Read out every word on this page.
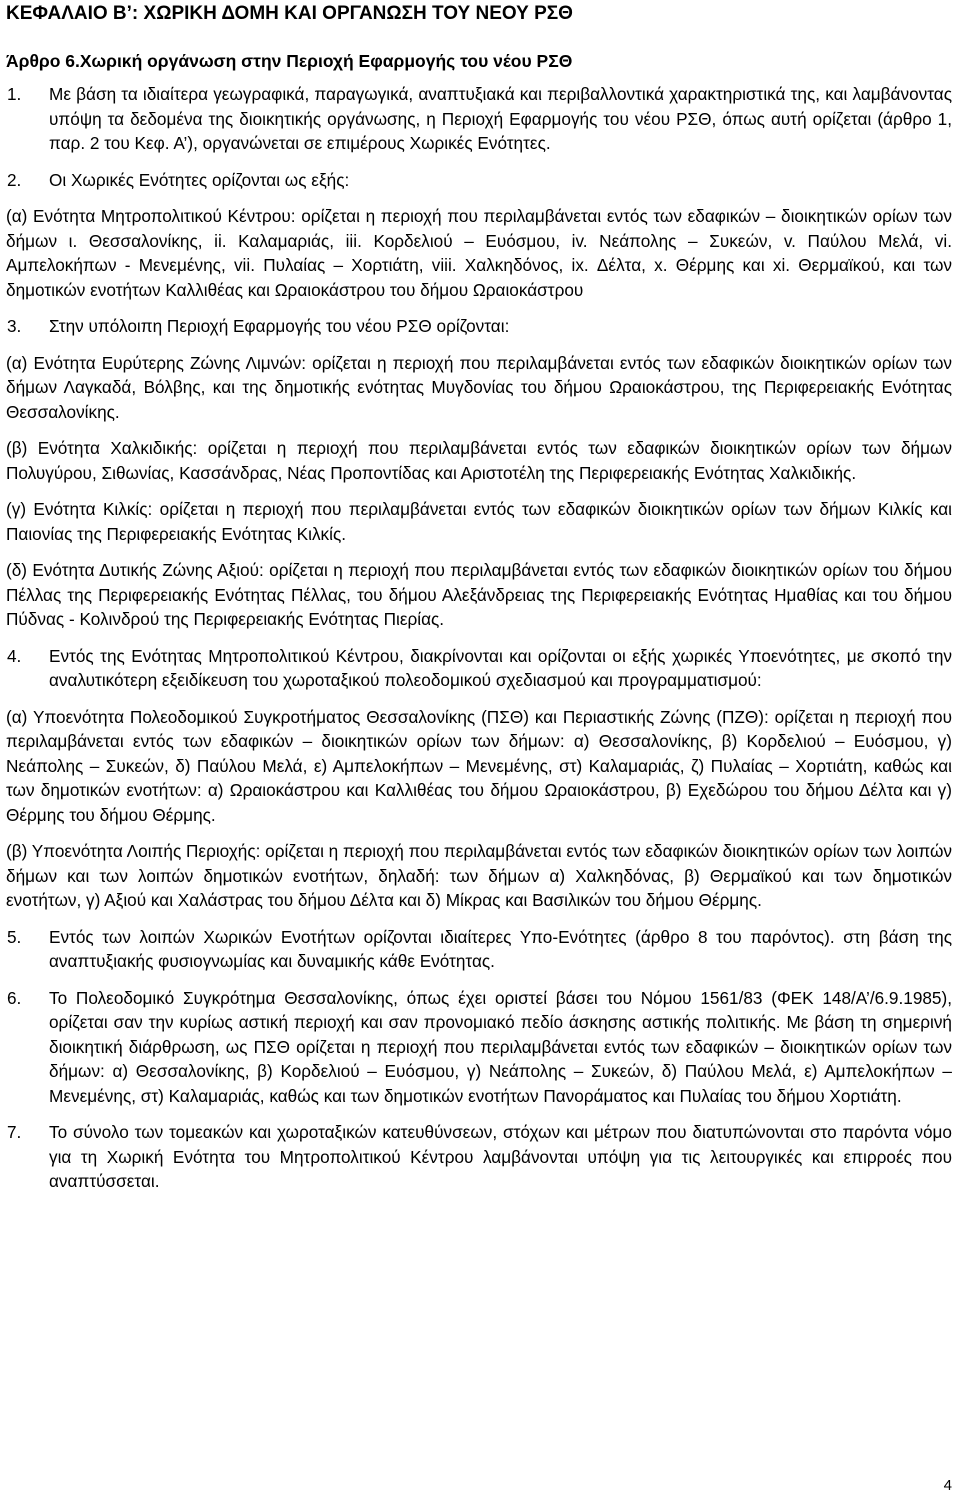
ΚΕΦΑΛΑΙΟ Β’: ΧΩΡΙΚΗ ΔΟΜΗ ΚΑΙ ΟΡΓΑΝΩΣΗ ΤΟΥ ΝΕΟΥ ΡΣΘ
Άρθρο 6.Χωρική οργάνωση στην Περιοχή Εφαρμογής του νέου ΡΣΘ

1. Με βάση τα ιδιαίτερα γεωγραφικά, παραγωγικά, αναπτυξιακά και περιβαλλοντικά χαρακτηριστικά της, και λαμβάνοντας υπόψη τα δεδομένα της διοικητικής οργάνωσης, η Περιοχή Εφαρμογής του νέου ΡΣΘ, όπως αυτή ορίζεται (άρθρο 1, παρ. 2 του Κεφ. Α’), οργανώνεται σε επιμέρους Χωρικές Ενότητες.

2. Οι Χωρικές Ενότητες ορίζονται ως εξής:

(α) Ενότητα Μητροπολιτικού Κέντρου: ορίζεται η περιοχή που περιλαμβάνεται εντός των εδαφικών – διοικητικών ορίων των δήμων ι. Θεσσαλονίκης, ii. Καλαμαριάς, iii. Κορδελιού – Ευόσμου, iv. Νεάπολης – Συκεών, v. Παύλου Μελά, vi. Αμπελοκήπων - Μενεμένης, vii. Πυλαίας – Χορτιάτη, viii. Χαλκηδόνος, ix. Δέλτα, x. Θέρμης και xi. Θερμαϊκού, και των δημοτικών ενοτήτων Καλλιθέας και Ωραιοκάστρου του δήμου Ωραιοκάστρου

3. Στην υπόλοιπη Περιοχή Εφαρμογής του νέου ΡΣΘ ορίζονται:

(α) Ενότητα Ευρύτερης Ζώνης Λιμνών: ορίζεται η περιοχή που περιλαμβάνεται εντός των εδαφικών διοικητικών ορίων των δήμων Λαγκαδά, Βόλβης, και της δημοτικής ενότητας Μυγδονίας του δήμου Ωραιοκάστρου, της Περιφερειακής Ενότητας Θεσσαλονίκης.

(β) Ενότητα Χαλκιδικής: ορίζεται η περιοχή που περιλαμβάνεται εντός των εδαφικών διοικητικών ορίων των δήμων Πολυγύρου, Σιθωνίας, Κασσάνδρας, Νέας Προποντίδας και Αριστοτέλη της Περιφερειακής Ενότητας Χαλκιδικής.

(γ) Ενότητα Κιλκίς: ορίζεται η περιοχή που περιλαμβάνεται εντός των εδαφικών διοικητικών ορίων των δήμων Κιλκίς και Παιονίας της Περιφερειακής Ενότητας Κιλκίς.

(δ) Ενότητα Δυτικής Ζώνης Αξιού: ορίζεται η περιοχή που περιλαμβάνεται εντός των εδαφικών διοικητικών ορίων του δήμου Πέλλας της Περιφερειακής Ενότητας Πέλλας, του δήμου Αλεξάνδρειας της Περιφερειακής Ενότητας Ημαθίας και του δήμου Πύδνας - Κολινδρού της Περιφερειακής Ενότητας Πιερίας.

4. Εντός της Ενότητας Μητροπολιτικού Κέντρου, διακρίνονται και ορίζονται οι εξής χωρικές Υποενότητες, με σκοπό την αναλυτικότερη εξειδίκευση του χωροταξικού πολεοδομικού σχεδιασμού και προγραμματισμού:

(α) Υποενότητα Πολεοδομικού Συγκροτήματος Θεσσαλονίκης (ΠΣΘ) και Περιαστικής Ζώνης (ΠΖΘ): ορίζεται η περιοχή που περιλαμβάνεται εντός των εδαφικών – διοικητικών ορίων των δήμων: α) Θεσσαλονίκης, β) Κορδελιού – Ευόσμου, γ) Νεάπολης – Συκεών, δ) Παύλου Μελά, ε) Αμπελοκήπων – Μενεμένης, στ) Καλαμαριάς, ζ) Πυλαίας – Χορτιάτη, καθώς και των δημοτικών ενοτήτων: α) Ωραιοκάστρου και Καλλιθέας του δήμου Ωραιοκάστρου, β) Εχεδώρου του δήμου Δέλτα και γ) Θέρμης του δήμου Θέρμης.

(β) Υποενότητα Λοιπής Περιοχής: ορίζεται η περιοχή που περιλαμβάνεται εντός των εδαφικών διοικητικών ορίων των λοιπών δήμων και των λοιπών δημοτικών ενοτήτων, δηλαδή: των δήμων α) Χαλκηδόνας, β) Θερμαϊκού και των δημοτικών ενοτήτων, γ) Αξιού και Χαλάστρας του δήμου Δέλτα και δ) Μίκρας και Βασιλικών του δήμου Θέρμης.

5. Εντός των λοιπών Χωρικών Ενοτήτων ορίζονται ιδιαίτερες Υπο-Ενότητες (άρθρο 8 του παρόντος). στη βάση της αναπτυξιακής φυσιογνωμίας και δυναμικής κάθε Ενότητας.

6. Το Πολεοδομικό Συγκρότημα Θεσσαλονίκης, όπως έχει οριστεί βάσει του Νόμου 1561/83 (ΦΕΚ 148/Α’/6.9.1985), ορίζεται σαν την κυρίως αστική περιοχή και σαν προνομιακό πεδίο άσκησης αστικής πολιτικής. Με βάση τη σημερινή διοικητική διάρθρωση, ως ΠΣΘ ορίζεται η περιοχή που περιλαμβάνεται εντός των εδαφικών – διοικητικών ορίων των δήμων: α) Θεσσαλονίκης, β) Κορδελιού – Ευόσμου, γ) Νεάπολης – Συκεών, δ) Παύλου Μελά, ε) Αμπελοκήπων – Μενεμένης, στ) Καλαμαριάς, καθώς και των δημοτικών ενοτήτων Πανοράματος και Πυλαίας του δήμου Χορτιάτη.

7. Το σύνολο των τομεακών και χωροταξικών κατευθύνσεων, στόχων και μέτρων που διατυπώνονται στο παρόντα νόμο για τη Χωρική Ενότητα του Μητροπολιτικού Κέντρου λαμβάνονται υπόψη για τις λειτουργικές και επιρροές που αναπτύσσεται.

4
